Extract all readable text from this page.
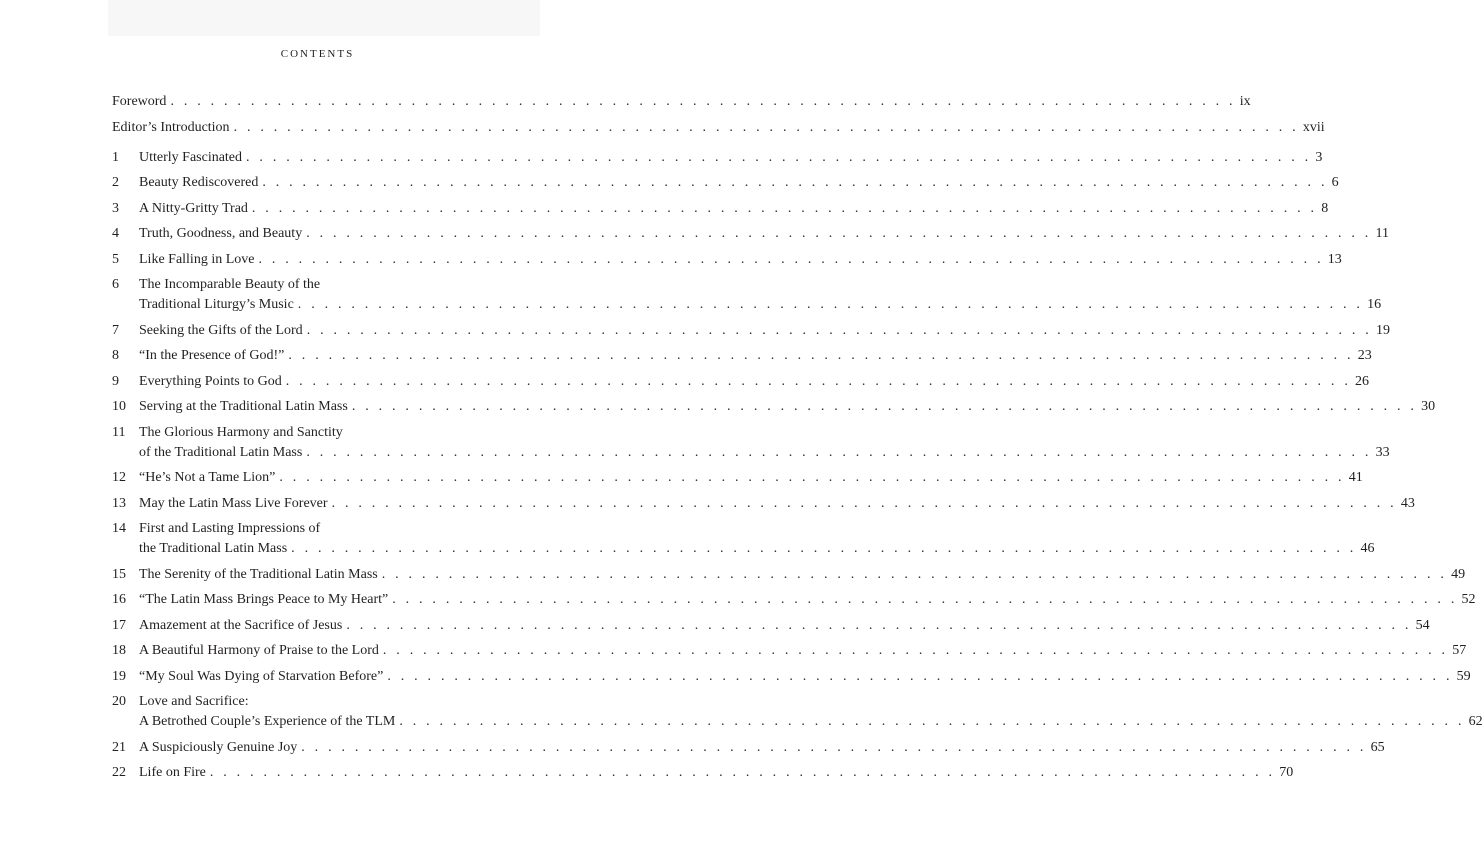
contents
Foreword . . . . . . . . . . . . . . . . . . . . . . . . . . . . . . . . . . . . . . . . . . . . . . . . . . . . . . . . . . . . . . . . . . . . . . . . . . . . . . . . ix
Editor’s Introduction . . . . . . . . . . . . . . . . . . . . . . . . . . . . . . . . . . . . . . . . . . . . . . . . . . . . . . . . . . . . . . . . . . . . . . . . . . . . . . . . xvii
1	Utterly Fascinated . . . . . . . . . . . . . . . . . . . . . . . . . . . . . . . . . . . . . . . . . . . . . . . . . . . . . . . . . . . . . . . . . . . . . . . . . . . . . . . . 3
2	Beauty Rediscovered . . . . . . . . . . . . . . . . . . . . . . . . . . . . . . . . . . . . . . . . . . . . . . . . . . . . . . . . . . . . . . . . . . . . . . . . . . . . . . . . 6
3	A Nitty-Gritty Trad . . . . . . . . . . . . . . . . . . . . . . . . . . . . . . . . . . . . . . . . . . . . . . . . . . . . . . . . . . . . . . . . . . . . . . . . . . . . . . . . 8
4	Truth, Goodness, and Beauty . . . . . . . . . . . . . . . . . . . . . . . . . . . . . . . . . . . . . . . . . . . . . . . . . . . . . . . . . . . . . . . . . . . . . . . . . . . . . . . . 11
5	Like Falling in Love . . . . . . . . . . . . . . . . . . . . . . . . . . . . . . . . . . . . . . . . . . . . . . . . . . . . . . . . . . . . . . . . . . . . . . . . . . . . . . . . 13
6	The Incomparable Beauty of the
Traditional Liturgy’s Music . . . . . . . . . . . . . . . . . . . . . . . . . . . . . . . . . . . . . . . . . . . . . . . . . . . . . . . . . . . . . . . . . . . . . . . . . . . . . . . . 16
7	Seeking the Gifts of the Lord . . . . . . . . . . . . . . . . . . . . . . . . . . . . . . . . . . . . . . . . . . . . . . . . . . . . . . . . . . . . . . . . . . . . . . . . . . . . . . . . 19
8	“In the Presence of God!” . . . . . . . . . . . . . . . . . . . . . . . . . . . . . . . . . . . . . . . . . . . . . . . . . . . . . . . . . . . . . . . . . . . . . . . . . . . . . . . . 23
9	Everything Points to God . . . . . . . . . . . . . . . . . . . . . . . . . . . . . . . . . . . . . . . . . . . . . . . . . . . . . . . . . . . . . . . . . . . . . . . . . . . . . . . . 26
10 Serving at the Traditional Latin Mass . . . . . . . . . . . . . . . . . . . . . . . . . . . . . . . . . . . . . . . . . . . . . . . . . . . . . . . . . . . . . . . . . . . . . . . . . . . . . . . . 30
11 The Glorious Harmony and Sanctity
of the Traditional Latin Mass . . . . . . . . . . . . . . . . . . . . . . . . . . . . . . . . . . . . . . . . . . . . . . . . . . . . . . . . . . . . . . . . . . . . . . . . . . . . . . . . 33
12 “He’s Not a Tame Lion” . . . . . . . . . . . . . . . . . . . . . . . . . . . . . . . . . . . . . . . . . . . . . . . . . . . . . . . . . . . . . . . . . . . . . . . . . . . . . . . . 41
13 May the Latin Mass Live Forever . . . . . . . . . . . . . . . . . . . . . . . . . . . . . . . . . . . . . . . . . . . . . . . . . . . . . . . . . . . . . . . . . . . . . . . . . . . . . . . . 43
14 First and Lasting Impressions of
the Traditional Latin Mass . . . . . . . . . . . . . . . . . . . . . . . . . . . . . . . . . . . . . . . . . . . . . . . . . . . . . . . . . . . . . . . . . . . . . . . . . . . . . . . . 46
15 The Serenity of the Traditional Latin Mass . . . . . . . . . . . . . . . . . . . . . . . . . . . . . . . . . . . . . . . . . . . . . . . . . . . . . . . . . . . . . . . . . . . . . . . . . . . . . . . . 49
16 “The Latin Mass Brings Peace to My Heart” . . . . . . . . . . . . . . . . . . . . . . . . . . . . . . . . . . . . . . . . . . . . . . . . . . . . . . . . . . . . . . . . . . . . . . . . . . . . . . . . 52
17 Amazement at the Sacrifice of Jesus . . . . . . . . . . . . . . . . . . . . . . . . . . . . . . . . . . . . . . . . . . . . . . . . . . . . . . . . . . . . . . . . . . . . . . . . . . . . . . . . 54
18 A Beautiful Harmony of Praise to the Lord . . . . . . . . . . . . . . . . . . . . . . . . . . . . . . . . . . . . . . . . . . . . . . . . . . . . . . . . . . . . . . . . . . . . . . . . . . . . . . . . 57
19 “My Soul Was Dying of Starvation Before” . . . . . . . . . . . . . . . . . . . . . . . . . . . . . . . . . . . . . . . . . . . . . . . . . . . . . . . . . . . . . . . . . . . . . . . . . . . . . . . . 59
20 Love and Sacrifice:
A Betrothed Couple’s Experience of the TLM . . . . . . . . . . . . . . . . . . . . . . . . . . . . . . . . . . . . . . . . . . . . . . . . . . . . . . . . . . . . . . . . . . . . . . . . . . . . . . . . 62
21 A Suspiciously Genuine Joy . . . . . . . . . . . . . . . . . . . . . . . . . . . . . . . . . . . . . . . . . . . . . . . . . . . . . . . . . . . . . . . . . . . . . . . . . . . . . . . . 65
22 Life on Fire . . . . . . . . . . . . . . . . . . . . . . . . . . . . . . . . . . . . . . . . . . . . . . . . . . . . . . . . . . . . . . . . . . . . . . . . . . . . . . . . 70
